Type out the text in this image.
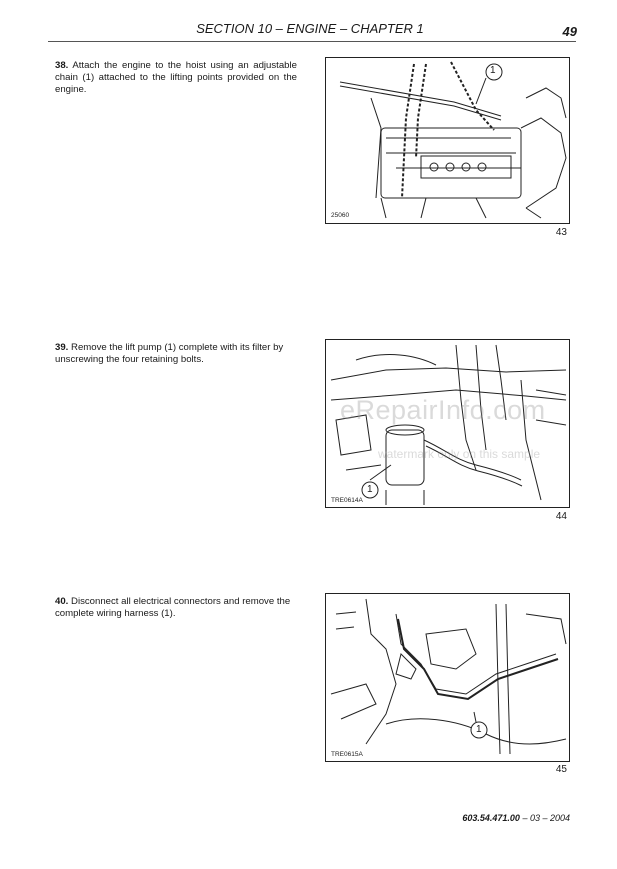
SECTION 10 – ENGINE – CHAPTER 1	49
38. Attach the engine to the hoist using an adjustable chain (1) attached to the lifting points provided on the engine.
1
25060
43
39. Remove the lift pump (1) complete with its filter by unscrewing the four retaining bolts.
1
TRE0614A
44
40. Disconnect all electrical connectors and remove the complete wiring harness (1).
1
TRE0615A
45
eRepairInfo.com
watermark only on this sample
603.54.471.00 – 03 – 2004
